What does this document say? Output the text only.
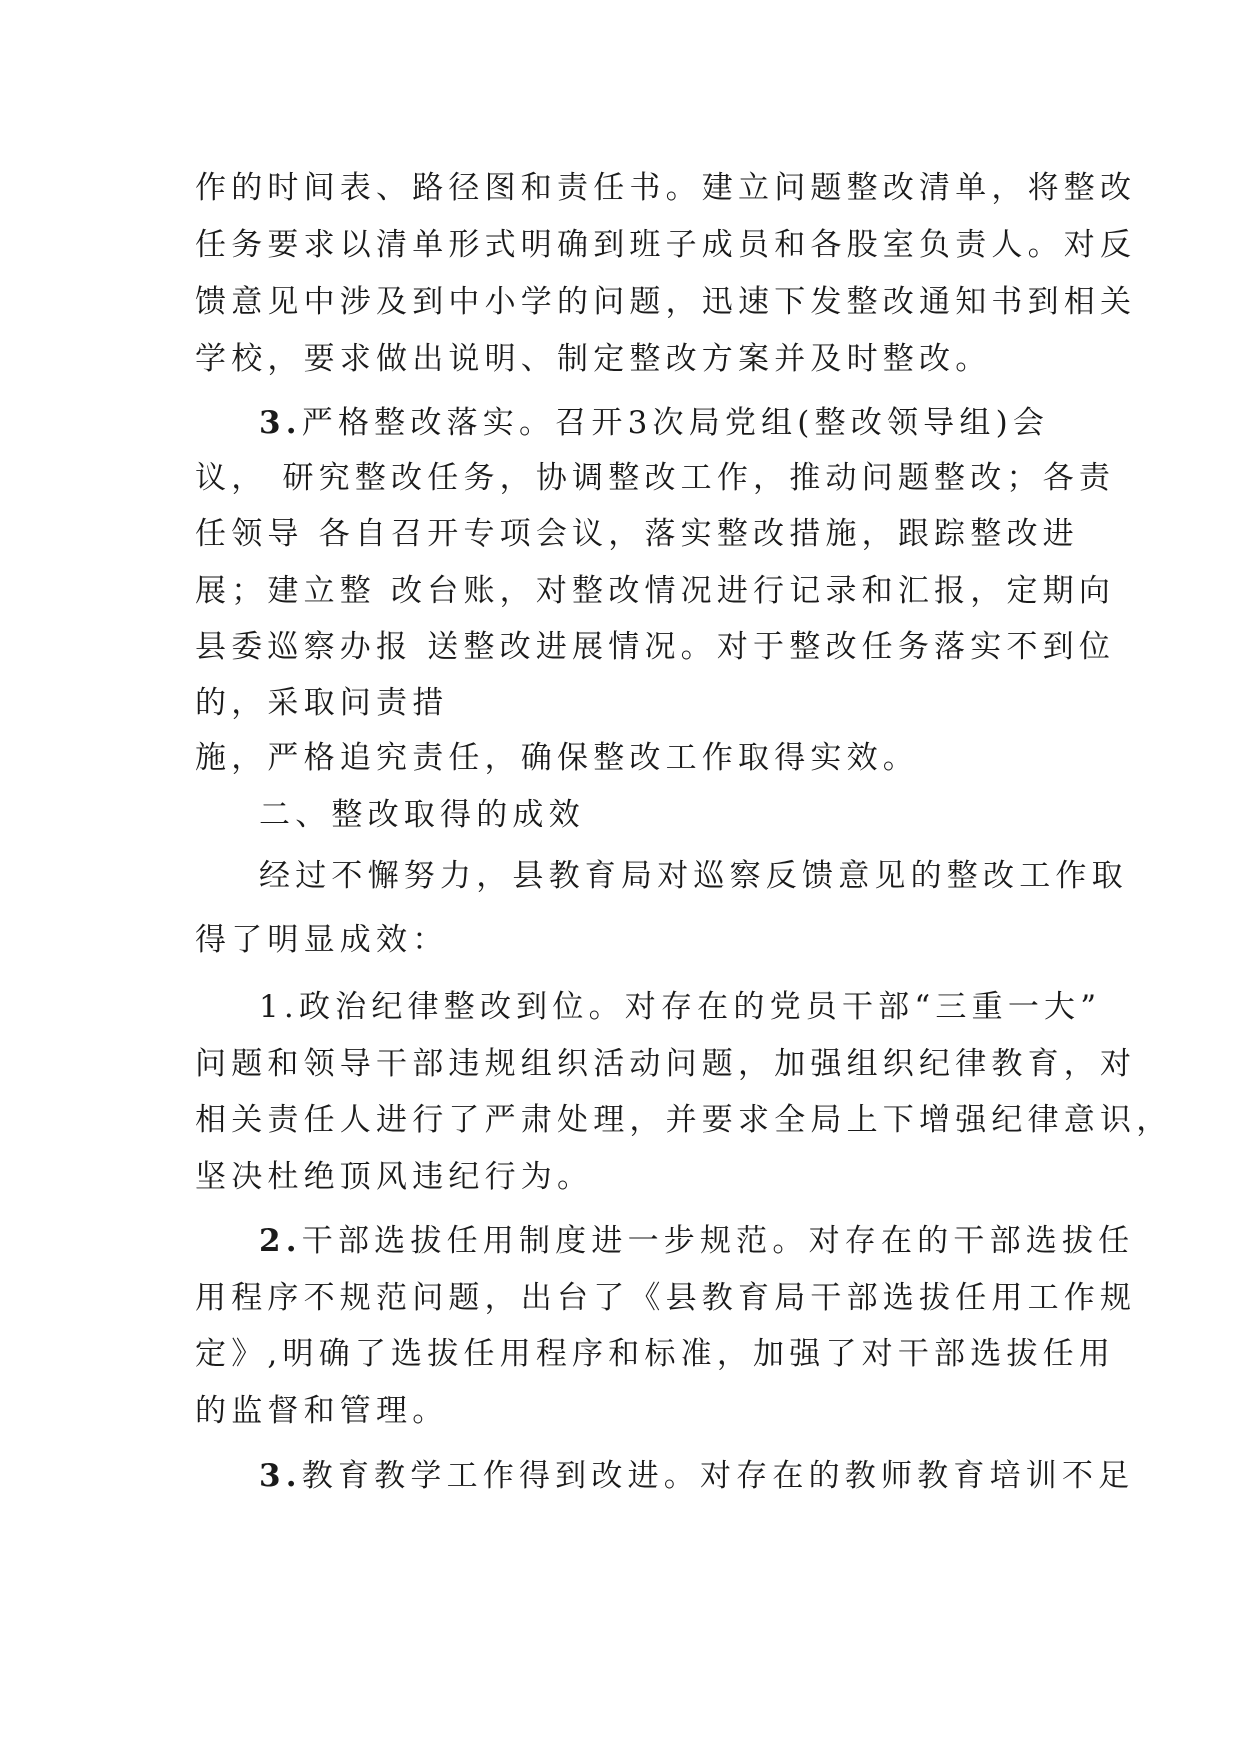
作的时间表、路径图和责任书。建立问题整改清单，将整改
任务要求以清单形式明确到班子成员和各股室负责人。对反
馈意见中涉及到中小学的问题，迅速下发整改通知书到相关
学校，要求做出说明、制定整改方案并及时整改。
3.严格整改落实。召开3次局党组(整改领导组)会
议， 研究整改任务，协调整改工作，推动问题整改；各责
任领导 各自召开专项会议，落实整改措施，跟踪整改进
展；建立整 改台账，对整改情况进行记录和汇报，定期向
县委巡察办报 送整改进展情况。对于整改任务落实不到位
的，采取问责措
施，严格追究责任，确保整改工作取得实效。
二、整改取得的成效
经过不懈努力，县教育局对巡察反馈意见的整改工作取
得了明显成效：
1.政治纪律整改到位。对存在的党员干部“三重一大”
问题和领导干部违规组织活动问题，加强组织纪律教育，对
相关责任人进行了严肃处理，并要求全局上下增强纪律意识，
坚决杜绝顶风违纪行为。
2.干部选拔任用制度进一步规范。对存在的干部选拔任
用程序不规范问题，出台了《县教育局干部选拔任用工作规
定》,明确了选拔任用程序和标准，加强了对干部选拔任用
的监督和管理。
3.教育教学工作得到改进。对存在的教师教育培训不足
